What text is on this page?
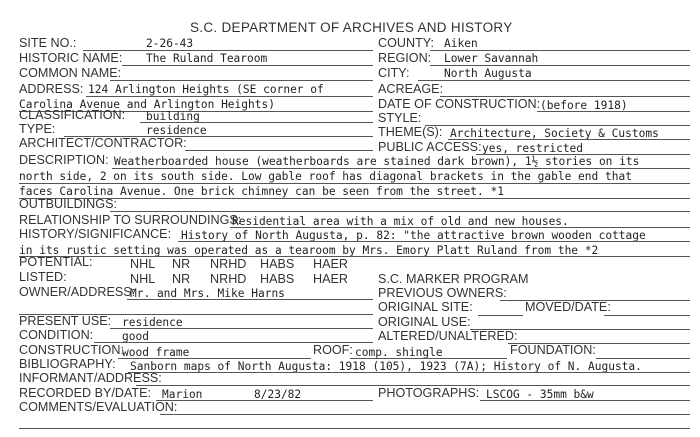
S.C. DEPARTMENT OF ARCHIVES AND HISTORY
SITE NO.:	2-26-43	COUNTY: Aiken
HISTORIC NAME: The Ruland Tearoom	REGION: Lower Savannah
COMMON NAME:	CITY:	North Augusta
ADDRESS: 124 Arlington Heights (SE corner of	ACREAGE:
Carolina Avenue and Arlington Heights)	DATE OF CONSTRUCTION: (before 1918)
CLASSIFICATION: building	STYLE:
TYPE:	residence	THEME(S): Architecture, Society & Customs
ARCHITECT/CONTRACTOR:	PUBLIC ACCESS: yes, restricted
DESCRIPTION: Weatherboarded house (weatherboards are stained dark brown), 1½ stories on its
north side, 2 on its south side. Low gable roof has diagonal brackets in the gable end that
faces Carolina Avenue. One brick chimney can be seen from the street. *1
OUTBUILDINGS:
RELATIONSHIP TO SURROUNDINGS:
Residential area with a mix of old and new houses.
HISTORY/SIGNIFICANCE: History of North Augusta, p. 82: "the attractive brown wooden cottage
in its rustic setting was operated as a tearoom by Mrs. Emory Platt Ruland from the *2
POTENTIAL:	NHL NR NRHD HABS HAER
LISTED:	NHL NR NRHD HABS HAER S.C. MARKER PROGRAM
OWNER/ADDRESS:
Mr. and Mrs. Mike Harns	PREVIOUS OWNERS:
ORIGINAL SITE:	MOVED/DATE:
PRESENT USE: residence	ORIGINAL USE:
CONDITION:	good	ALTERED/UNALTERED:
CONSTRUCTION:
wood frame	ROOF: comp. shingle	FOUNDATION:
BIBLIOGRAPHY: Sanborn maps of North Augusta: 1918 (105), 1923 (7A); History of N. Augusta.
INFORMANT/ADDRESS:
RECORDED BY/DATE: Marion	8/23/82	PHOTOGRAPHS: LSCOG - 35mm b&w
COMMENTS/EVALUATION:
